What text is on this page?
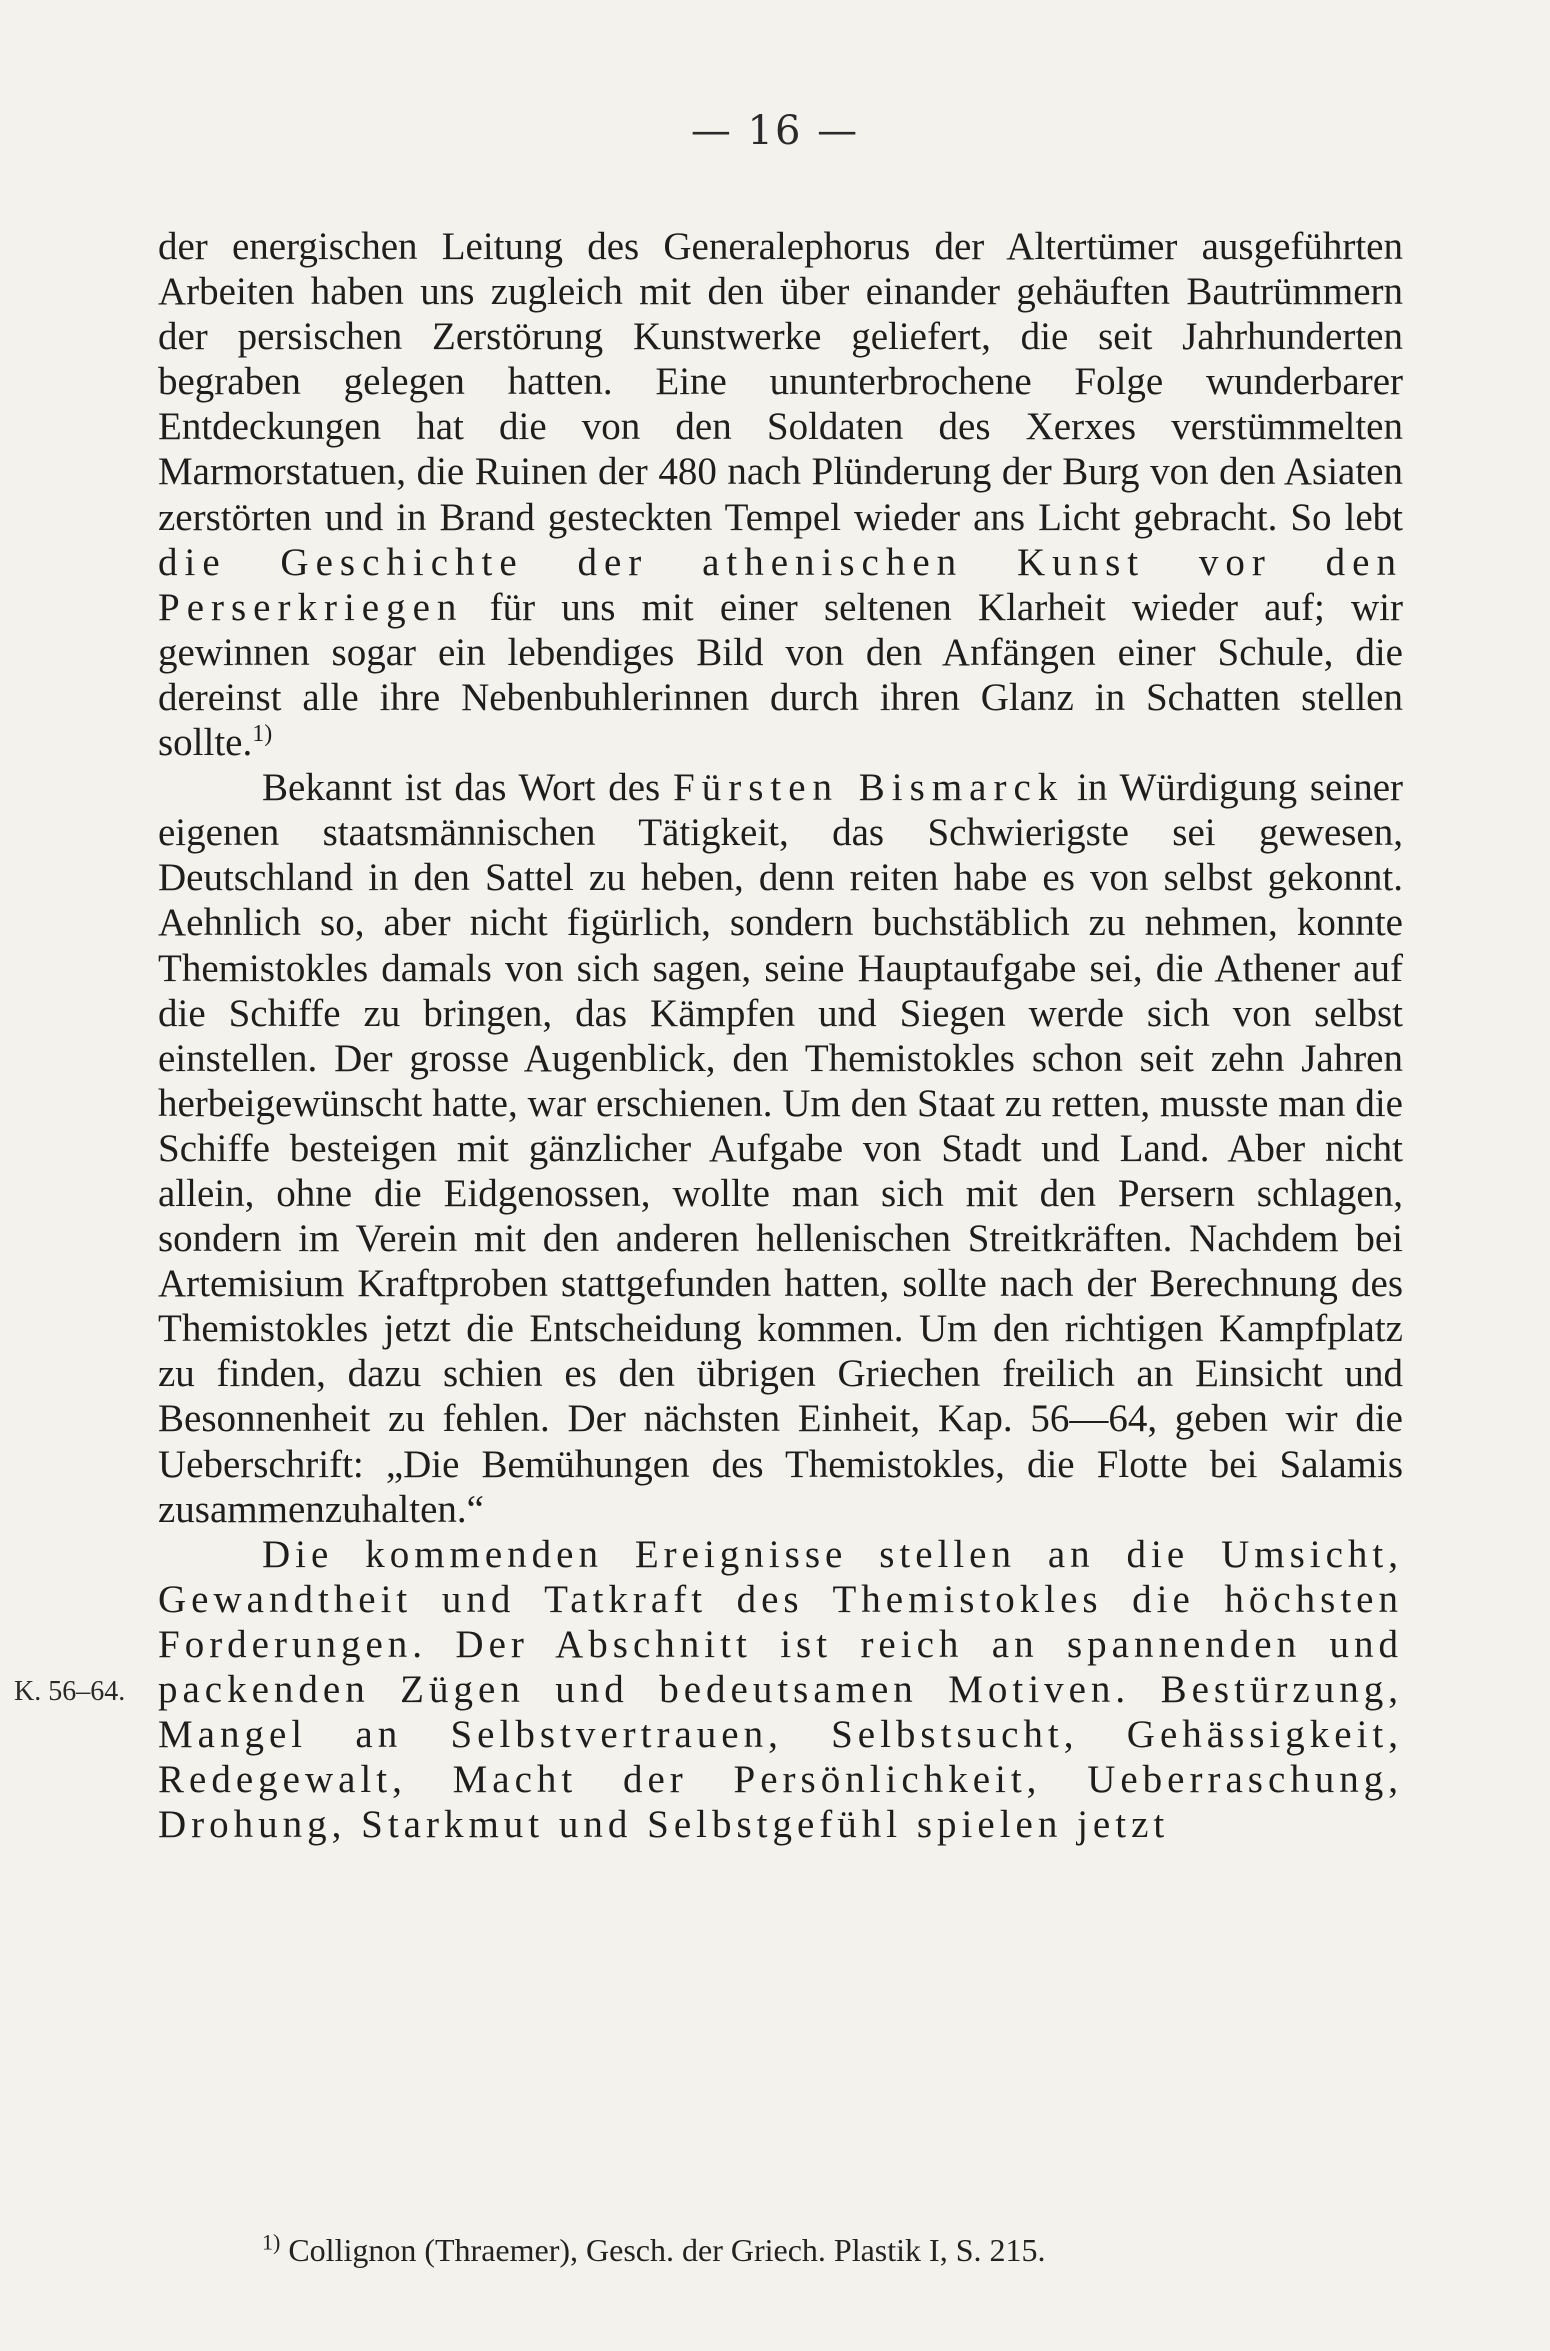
— 16 —

der energischen Leitung des Generalephorus der Altertümer ausgeführten Arbeiten haben uns zugleich mit den über einander gehäuften Bautrümmern der persischen Zerstörung Kunstwerke geliefert, die seit Jahrhunderten begraben gelegen hatten. Eine ununterbrochene Folge wunderbarer Entdeckungen hat die von den Soldaten des Xerxes verstümmelten Marmorstatuen, die Ruinen der 480 nach Plünderung der Burg von den Asiaten zerstörten und in Brand gesteckten Tempel wieder ans Licht gebracht. So lebt die Geschichte der athenischen Kunst vor den Perserkriegen für uns mit einer seltenen Klarheit wieder auf; wir gewinnen sogar ein lebendiges Bild von den Anfängen einer Schule, die dereinst alle ihre Nebenbuhlerinnen durch ihren Glanz in Schatten stellen sollte.$^{1)}$

Bekannt ist das Wort des Fürsten Bismarck in Würdigung seiner eigenen staatsmännischen Tätigkeit, das Schwierigste sei gewesen, Deutschland in den Sattel zu heben, denn reiten habe es von selbst gekonnt. Aehnlich so, aber nicht figürlich, sondern buchstäblich zu nehmen, konnte Themistokles damals von sich sagen, seine Hauptaufgabe sei, die Athener auf die Schiffe zu bringen, das Kämpfen und Siegen werde sich von selbst einstellen. Der grosse Augenblick, den Themistokles schon seit zehn Jahren herbeigewünscht hatte, war erschienen. Um den Staat zu retten, musste man die Schiffe besteigen mit gänzlicher Aufgabe von Stadt und Land. Aber nicht allein, ohne die Eidgenossen, wollte man sich mit den Persern schlagen, sondern im Verein mit den anderen hellenischen Streitkräften. Nachdem bei Artemisium Kraftproben stattgefunden hatten, sollte nach der Berechnung des Themistokles jetzt die Entscheidung kommen. Um den richtigen Kampfplatz zu finden, dazu schien es den übrigen Griechen freilich an Einsicht und Besonnenheit zu fehlen. Der nächsten Einheit, Kap. 56—64, geben wir die Ueberschrift: „Die Bemühungen des Themistokles, die Flotte bei Salamis zusammenzuhalten.“

Die kommenden Ereignisse stellen an die Umsicht, Gewandtheit und Tatkraft des Themistokles die höchsten Forderungen. Der Abschnitt ist reich an spannenden und packenden Zügen und bedeutsamen Motiven. Bestürzung, Mangel an Selbstvertrauen, Selbstsucht, Gehässigkeit, Redegewalt, Macht der Persönlichkeit, Ueberraschung, Drohung, Starkmut und Selbstgefühl spielen jetzt

K. 56–64.
$^{1)}$ Collignon (Thraemer), Gesch. der Griech. Plastik I, S. 215.
